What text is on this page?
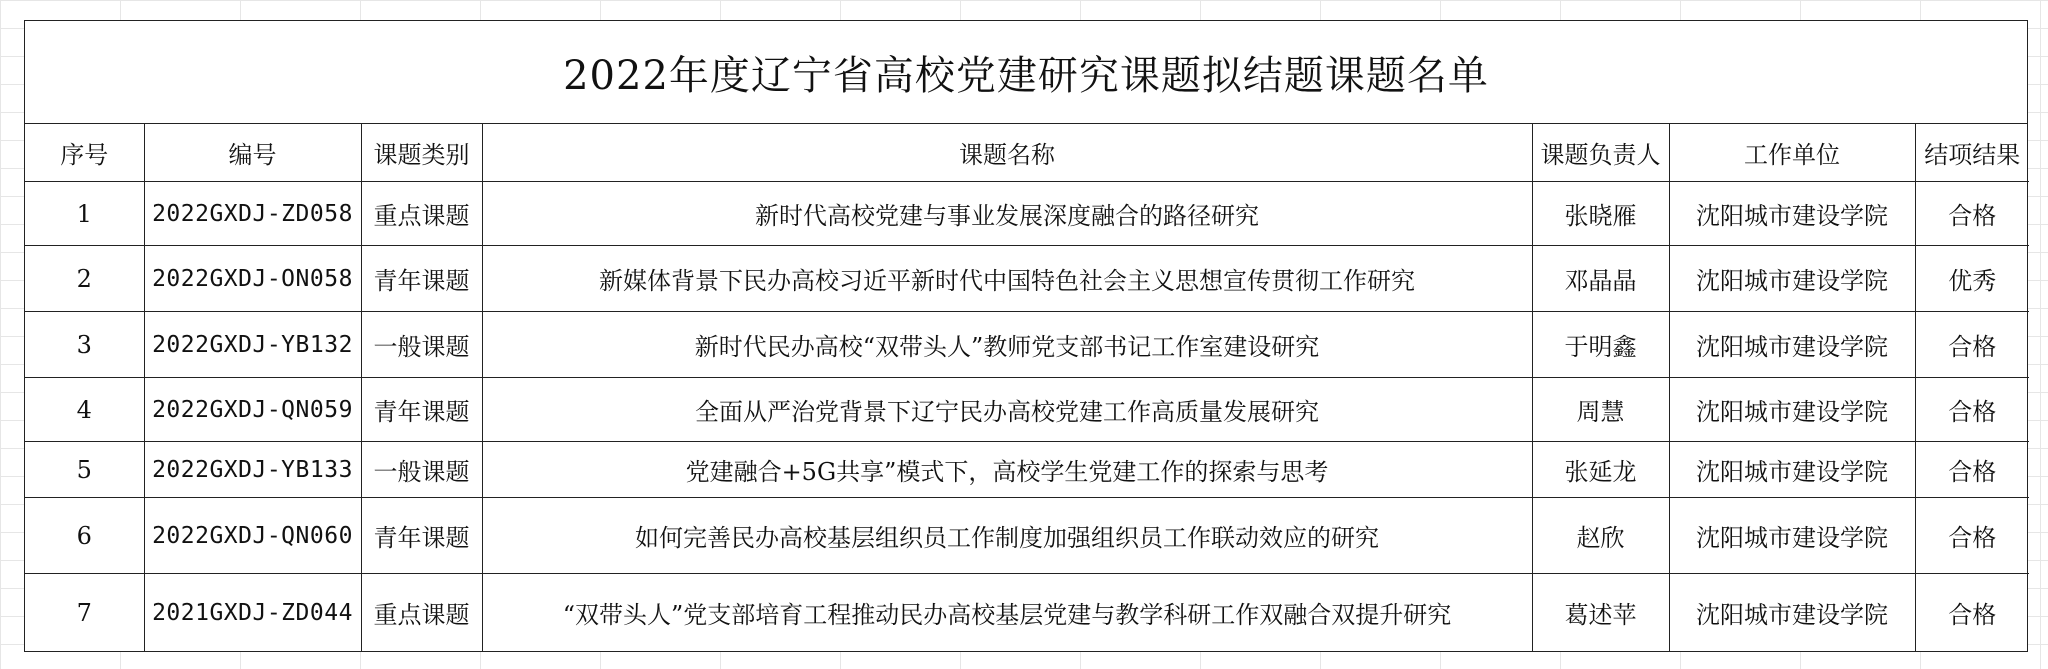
2022年度辽宁省高校党建研究课题拟结题课题名单
序号	编号	课题类别	课题名称	课题负责人	工作单位	结项结果
1	2022GXDJ-ZD058	重点课题	新时代高校党建与事业发展深度融合的路径研究	张晓雁	沈阳城市建设学院	合格
2	2022GXDJ-ON058	青年课题	新媒体背景下民办高校习近平新时代中国特色社会主义思想宣传贯彻工作研究	邓晶晶	沈阳城市建设学院	优秀
3	2022GXDJ-YB132	一般课题	新时代民办高校“双带头人”教师党支部书记工作室建设研究	于明鑫	沈阳城市建设学院	合格
4	2022GXDJ-QN059	青年课题	全面从严治党背景下辽宁民办高校党建工作高质量发展研究	周慧	沈阳城市建设学院	合格
5	2022GXDJ-YB133	一般课题	党建融合+5G共享”模式下，高校学生党建工作的探索与思考	张延龙	沈阳城市建设学院	合格
6	2022GXDJ-QN060	青年课题	如何完善民办高校基层组织员工作制度加强组织员工作联动效应的研究	赵欣	沈阳城市建设学院	合格
7	2021GXDJ-ZD044	重点课题	“双带头人”党支部培育工程推动民办高校基层党建与教学科研工作双融合双提升研究	葛述苹	沈阳城市建设学院	合格
